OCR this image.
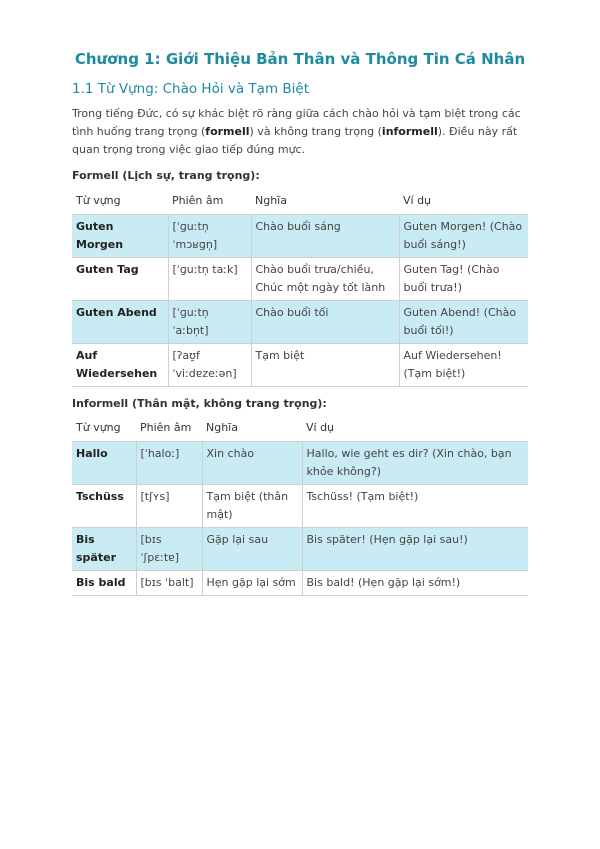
Chương 1: Giới Thiệu Bản Thân và Thông Tin Cá Nhân
1.1 Từ Vựng: Chào Hỏi và Tạm Biệt

Trong tiếng Đức, có sự khác biệt rõ ràng giữa cách chào hỏi và tạm biệt trong các tình huống trang trọng (formell) và không trang trọng (informell). Điều này rất quan trọng trong việc giao tiếp đúng mực.

Formell (Lịch sự, trang trọng):

Từ vựng	Phiên âm	Nghĩa	Ví dụ
Guten Morgen	[ˈɡuːtn̩ ˈmɔʁɡn̩]	Chào buổi sáng	Guten Morgen! (Chào buổi sáng!)
Guten Tag	[ˈɡuːtn̩ taːk]	Chào buổi trưa/chiều, Chúc một ngày tốt lành	Guten Tag! (Chào buổi trưa!)
Guten Abend	[ˈɡuːtn̩ ˈaːbn̩t]	Chào buổi tối	Guten Abend! (Chào buổi tối!)
Auf Wiedersehen	[ʔaʊ̯f ˈviːdɐzeːən]	Tạm biệt	Auf Wiedersehen! (Tạm biệt!)

Informell (Thân mật, không trang trọng):

Từ vựng	Phiên âm	Nghĩa	Ví dụ
Hallo	[ˈhaloː]	Xin chào	Hallo, wie geht es dir? (Xin chào, bạn khỏe không?)
Tschüss	[tʃʏs]	Tạm biệt (thân mật)	Tschüss! (Tạm biệt!)
Bis später	[bɪs ˈʃpɛːtɐ]	Gặp lại sau	Bis später! (Hẹn gặp lại sau!)
Bis bald	[bɪs ˈbalt]	Hẹn gặp lại sớm	Bis bald! (Hẹn gặp lại sớm!)
